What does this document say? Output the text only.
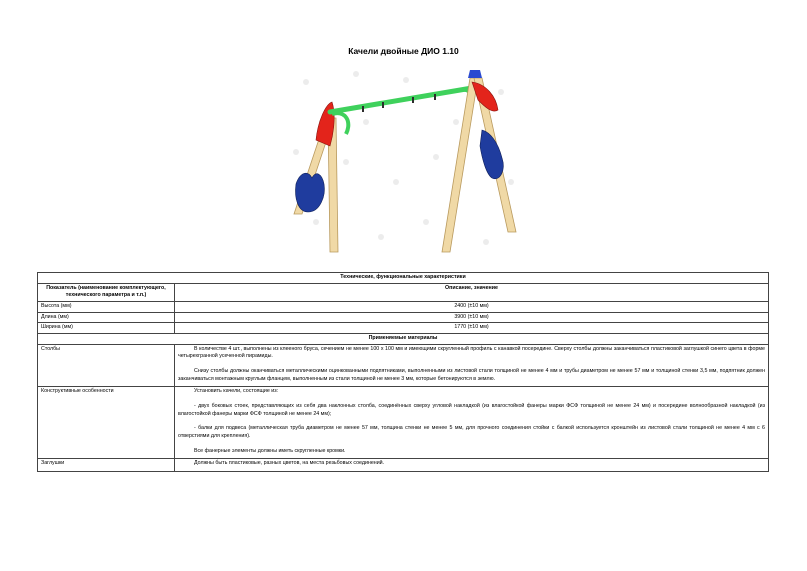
Качели двойные ДИО 1.10
Технические, функциональные характеристики	
Показатель (наименование комплектующего, технического параметра и т.п.)	Описание, значение
Высота (мм)	2400 (±10 мм)
Длина (мм)	3900 (±10 мм)
Ширина (мм)	1770 (±10 мм)
Применяемые материалы	
Столбы	В количестве 4 шт., выполнены из клееного бруса, сечением не менее 100 х 100 мм и имеющими скругленный профиль с канавкой посередине. Сверху столбы должны заканчиваться пластиковой заглушкой синего цвета в форме четырехгранной усеченной пирамиды.

Снизу столбы должны оканчиваться металлическими оцинкованными подпятниками, выполненными из листовой стали толщиной не менее 4 мм и трубы диаметром не менее 57 мм и толщиной стенки 3,5 мм, подпятник должен заканчиваться монтажным круглым фланцем, выполненным из стали толщиной не менее 3 мм, которые бетонируются в землю.

Конструктивные особенности	Установить качели, состоящие из:

- двух боковых стоек, представляющих из себя два наклонных столба, соединённых сверху угловой накладкой (из влагостойкой фанеры марки ФСФ толщиной не менее 24 мм) и посередине волнообразной накладкой (из влагостойкой фанеры марки ФСФ толщиной не менее 24 мм);

- балки для подвеса (металлическая труба диаметром не менее 57 мм, толщина стенки не менее 5 мм, для прочного соединения стойки с балкой используется кронштейн из листовой стали толщиной не менее 4 мм с 6 отверстиями для крепления).

Все фанерные элементы должны иметь скругленные кромки.

Заглушки	Должны быть пластиковые, разных цветов, на места резьбовых соединений.
